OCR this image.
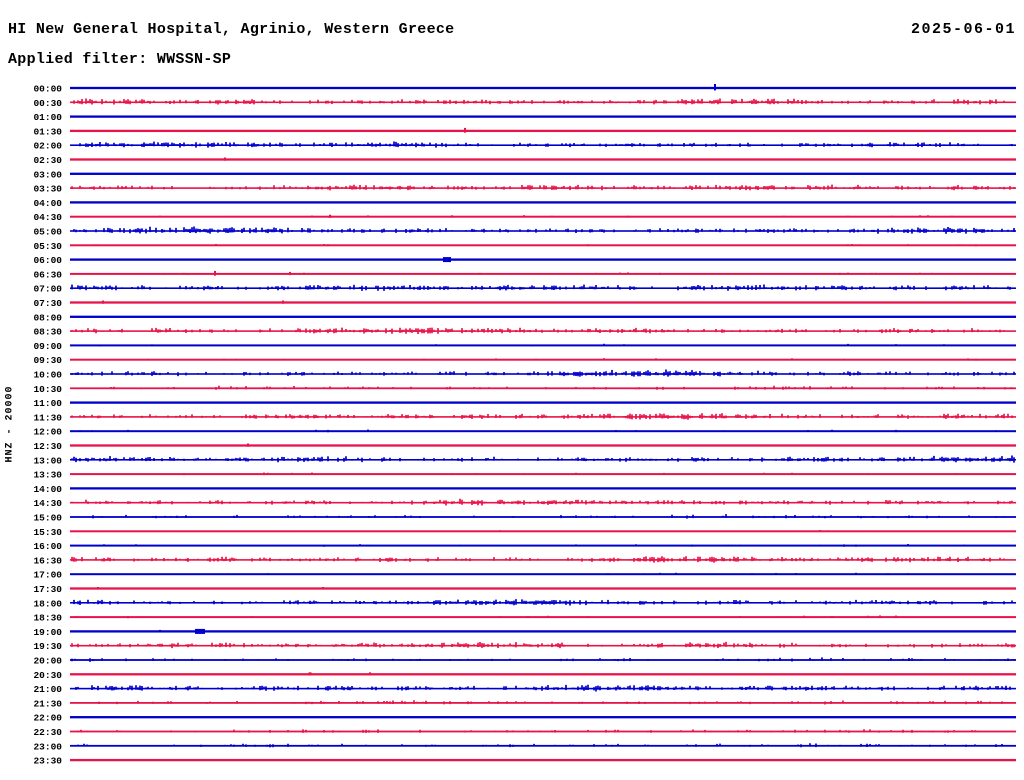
HI New General Hospital, Agrinio, Western Greece	2025-06-01
Applied filter: WWSSN-SP
HNZ - 20000
00:00
00:30
01:00
01:30
02:00
02:30
03:00
03:30
04:00
04:30
05:00
05:30
06:00
06:30
07:00
07:30
08:00
08:30
09:00
09:30
10:00
10:30
11:00
11:30
12:00
12:30
13:00
13:30
14:00
14:30
15:00
15:30
16:00
16:30
17:00
17:30
18:00
18:30
19:00
19:30
20:00
20:30
21:00
21:30
22:00
22:30
23:00
23:30
